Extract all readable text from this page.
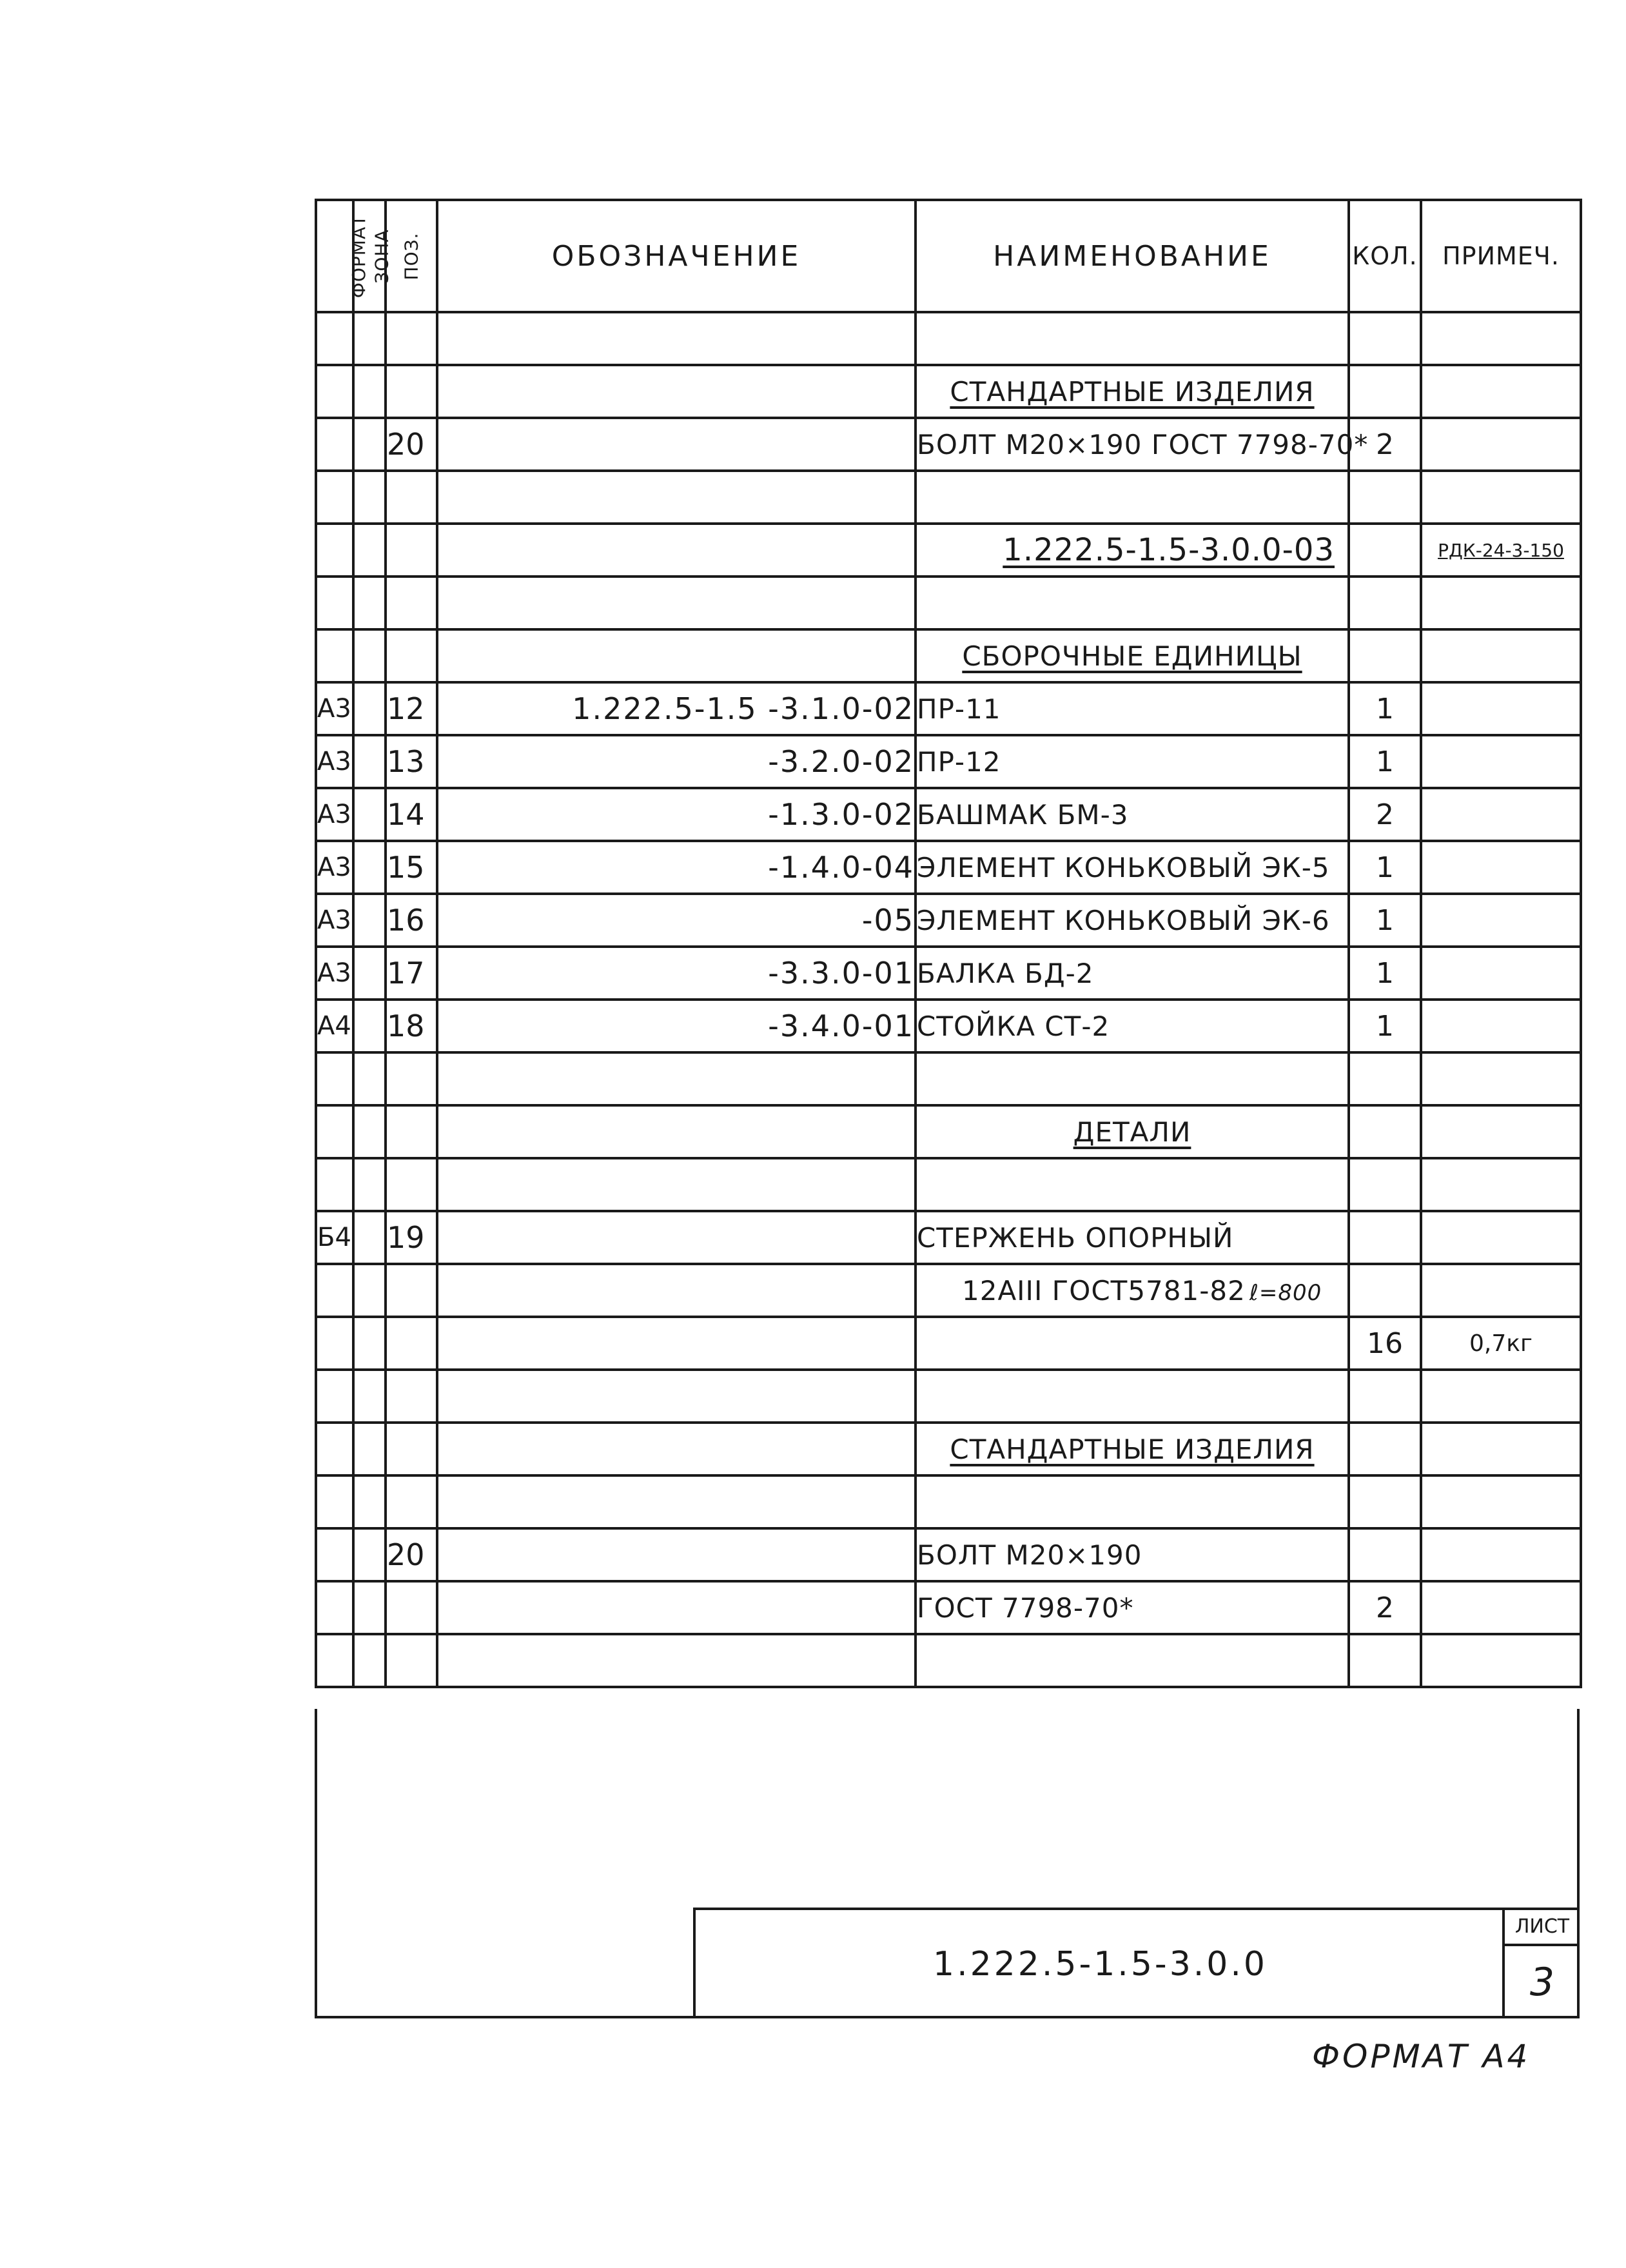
ФОРМАТ	ЗОНА	ПОЗ.	ОБОЗНАЧЕНИЕ	НАИМЕНОВАНИЕ	КОЛ.	ПРИМЕЧ.

				СТАНДАРТНЫЕ ИЗДЕЛИЯ		
		20		БОЛТ М20×190 ГОСТ 7798-70*	2	

				1.222.5-1.5-3.0.0-03		РДК-24-3-150

				СБОРОЧНЫЕ ЕДИНИЦЫ		
А3		12	1.222.5-1.5 -3.1.0-02	ПР-11	1	
А3		13	-3.2.0-02	ПР-12	1	
А3		14	-1.3.0-02	БАШМАК БМ-3	2	
А3		15	-1.4.0-04	ЭЛЕМЕНТ КОНЬКОВЫЙ ЭК-5	1	
А3		16	-05	ЭЛЕМЕНТ КОНЬКОВЫЙ ЭК-6	1	
А3		17	-3.3.0-01	БАЛКА БД-2	1	
А4		18	-3.4.0-01	СТОЙКА СТ-2	1	

				ДЕТАЛИ		

Б4		19		СТЕРЖЕНЬ ОПОРНЫЙ		
				12АIII ГОСТ5781-82 ℓ=800		
					16	0,7кг

				СТАНДАРТНЫЕ ИЗДЕЛИЯ		

		20		БОЛТ М20×190		
				ГОСТ 7798-70*	2	

1.222.5-1.5-3.0.0
ЛИСТ
3
ФОРМАТ А4
